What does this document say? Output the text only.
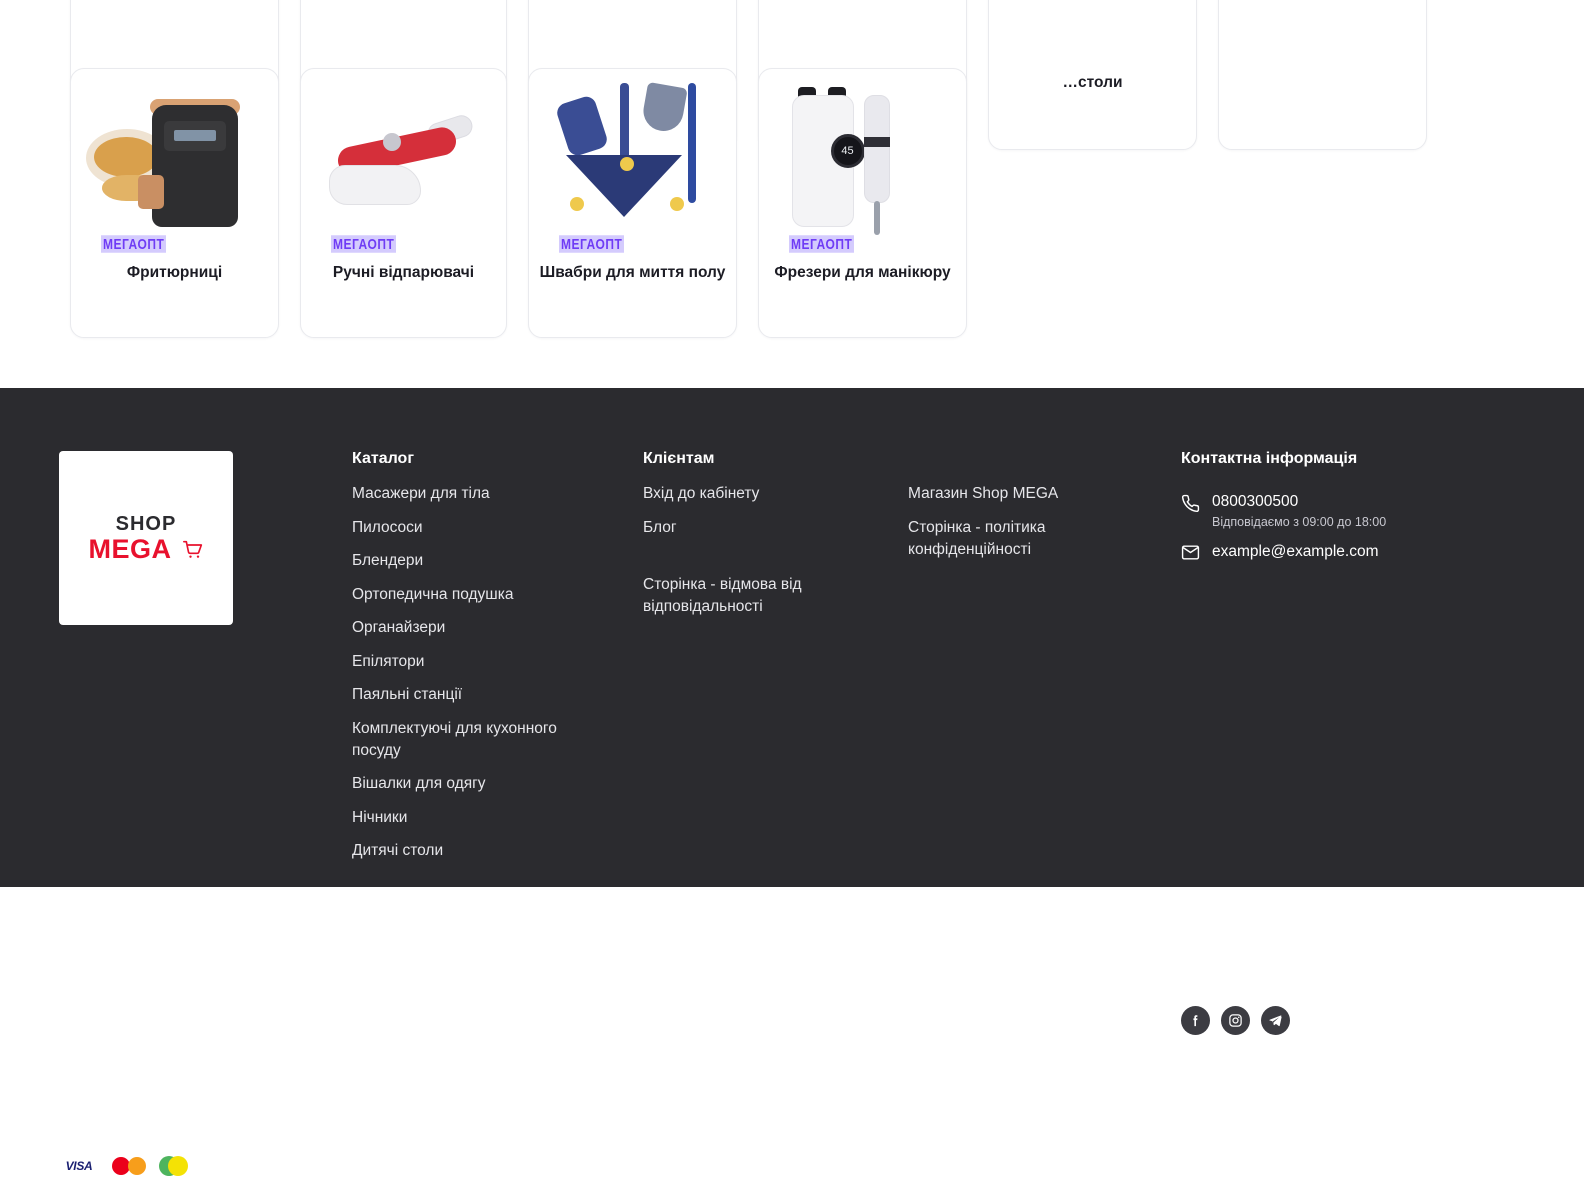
…столи
МЕГАОПТ
Фритюрниці
МЕГАОПТ
Ручні відпарювачі
МЕГАОПТ
Швабри для миття полу
45
МЕГАОПТ
Фрезери для манікюру
SHOP
MEGA
© 2025
Shop MEGA
Приймаємо до оплати
VISA
Каталог
Масажери для тіла
Пилососи
Блендери
Ортопедична подушка
Органайзери
Епілятори
Паяльні станції
Комплектуючі для кухонного посуду
Вішалки для одягу
Нічники
Дитячі столи
Клієнтам
Вхід до кабінету
Блог
Сторінка - відмова від відповідальності
Магазин Shop MEGA
Сторінка - політика конфіденційності
Контактна інформація
0800300500
Відповідаємо з 09:00 до 18:00
example@example.com
Ми в соцмережах
